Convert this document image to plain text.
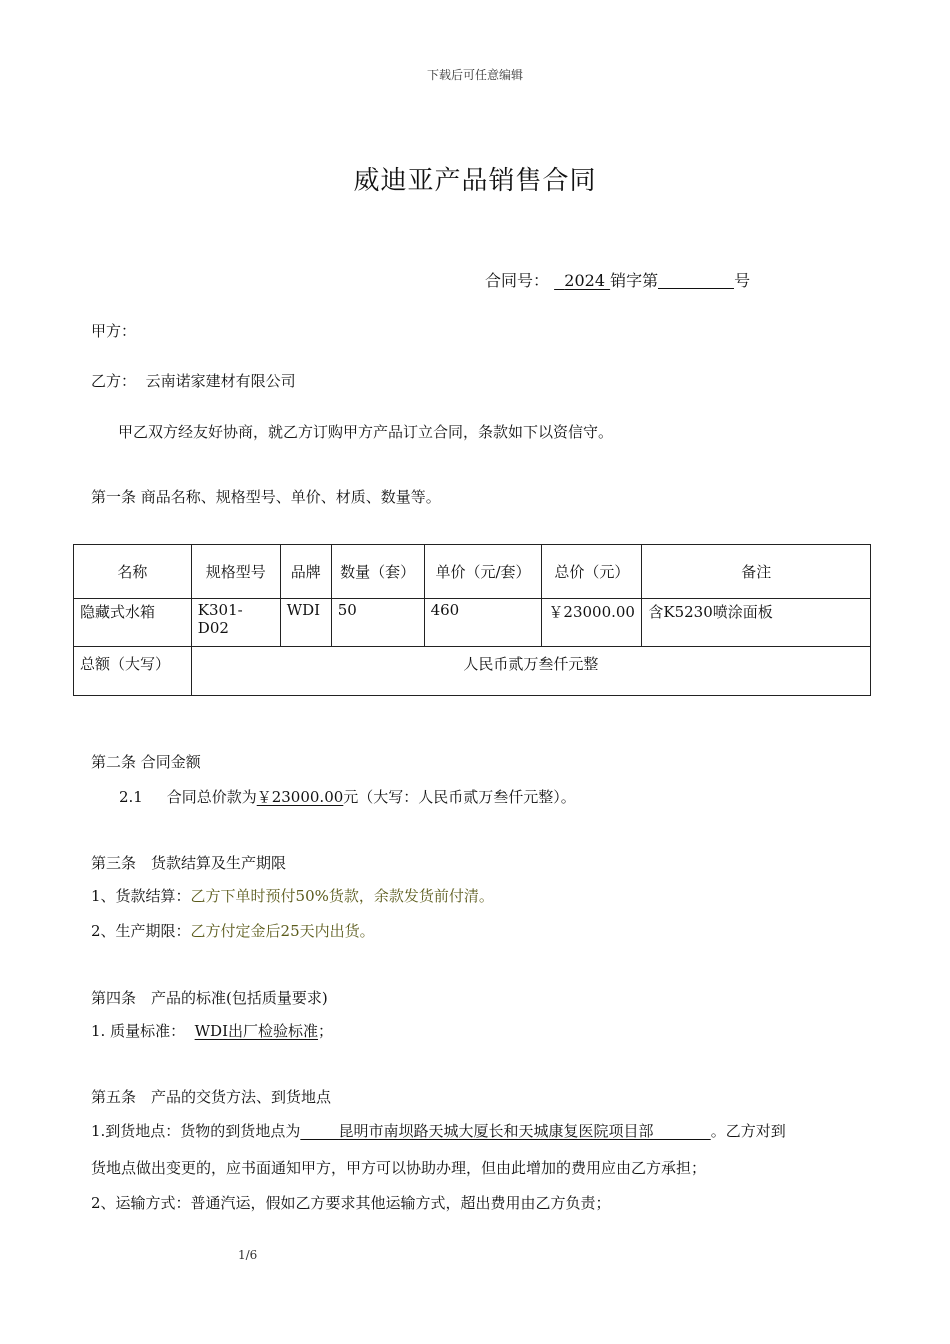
下载后可任意编辑
威迪亚产品销售合同
合同号： 2024 销字第	号
甲方：
乙方： 云南诺家建材有限公司
甲乙双方经友好协商，就乙方订购甲方产品订立合同，条款如下以资信守。
第一条 商品名称、规格型号、单价、材质、数量等。
名称	规格型号	品牌	数量（套）	单价（元/套）	总价（元）	备注
隐藏式水箱	K301-D02	WDI	50	460	￥23000.00	含K5230喷涂面板
总额（大写）	人民币贰万叁仟元整					
第二条 合同金额
2.1 合同总价款为￥23000.00元（大写：人民币贰万叁仟元整）。
第三条　货款结算及生产期限
1、货款结算：乙方下单时预付50%货款，余款发货前付清。
2、生产期限：乙方付定金后25天内出货。
第四条　产品的标准(包括质量要求)
1. 质量标准： WDI出厂检验标准；
第五条　产品的交货方法、到货地点
1.到货地点：货物的到货地点为	昆明市南坝路天城大厦长和天城康复医院项目部	。乙方对到
货地点做出变更的，应书面通知甲方，甲方可以协助办理，但由此增加的费用应由乙方承担；
2、运输方式：普通汽运，假如乙方要求其他运输方式，超出费用由乙方负责；
1/6
